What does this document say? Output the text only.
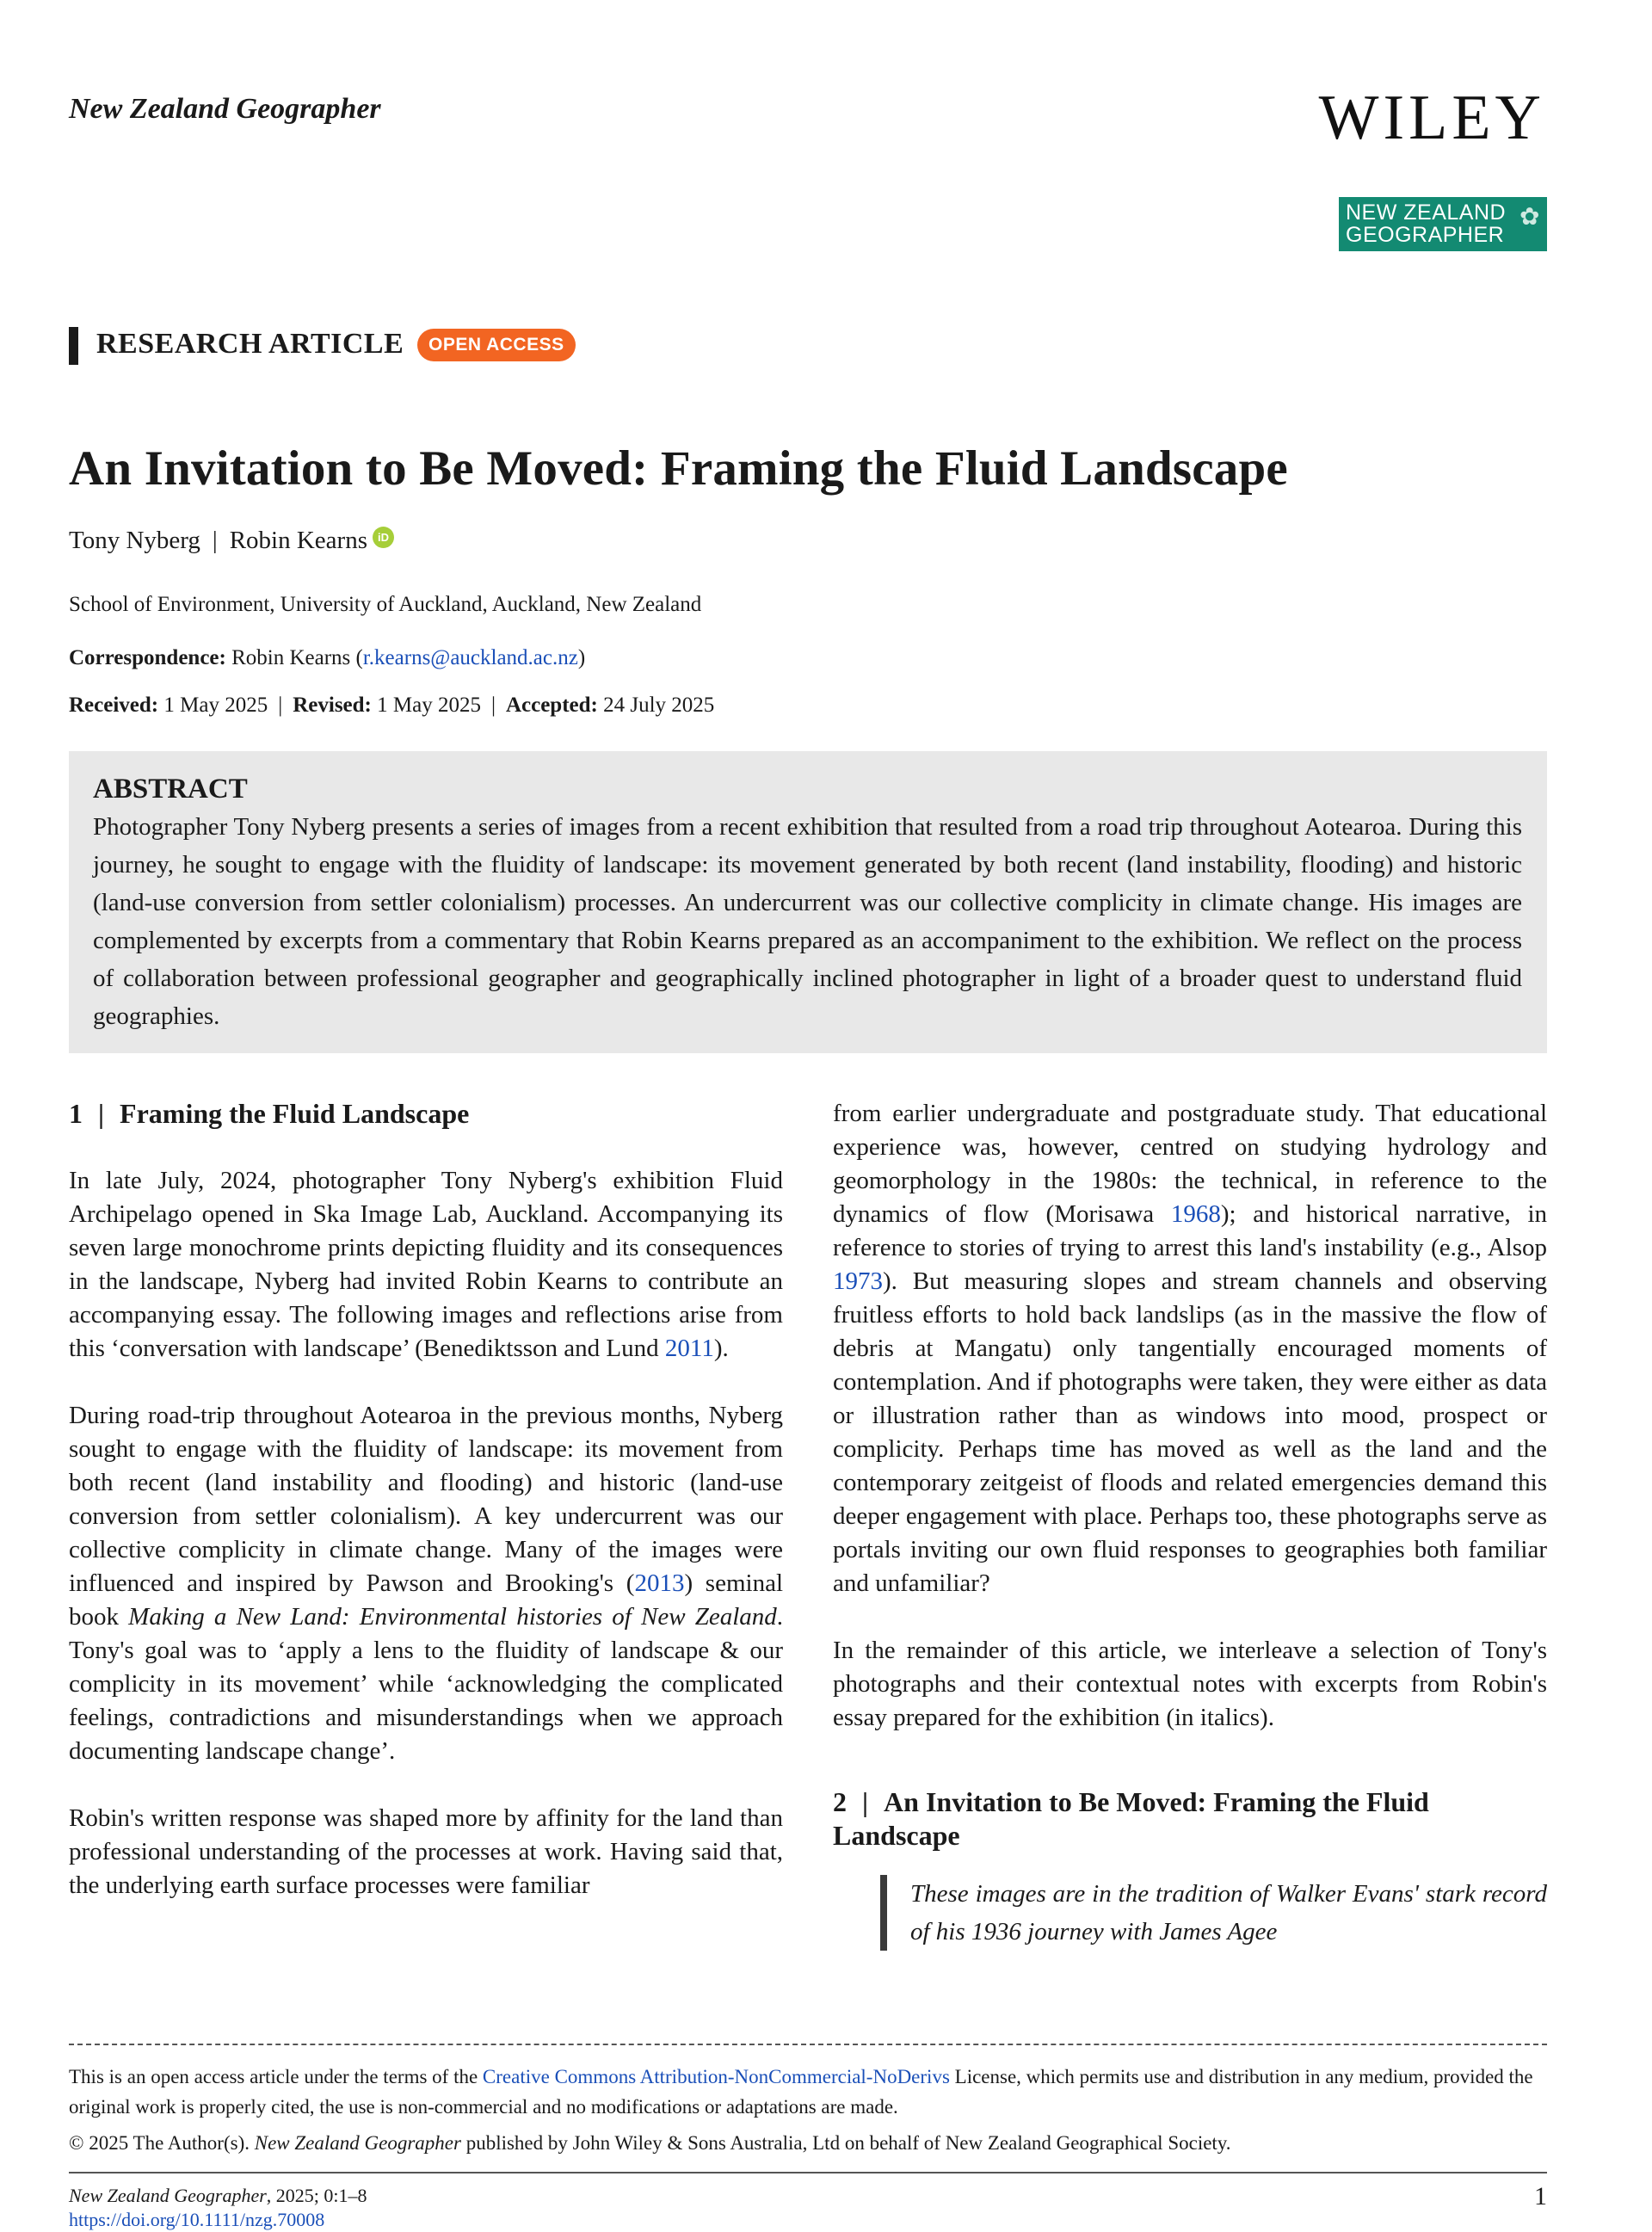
New Zealand Geographer	WILEY
NEW ZEALAND
GEOGRAPHER
✿
RESEARCH ARTICLE	OPEN ACCESS
An Invitation to Be Moved: Framing the Fluid Landscape
Tony Nyberg | Robin Kearns iD
School of Environment, University of Auckland, Auckland, New Zealand
Correspondence: Robin Kearns (r.kearns@auckland.ac.nz)
Received: 1 May 2025 | Revised: 1 May 2025 | Accepted: 24 July 2025
ABSTRACT
Photographer Tony Nyberg presents a series of images from a recent exhibition that resulted from a road trip throughout Aotearoa. During this journey, he sought to engage with the fluidity of landscape: its movement generated by both recent (land instability, flooding) and historic (land-use conversion from settler colonialism) processes. An undercurrent was our collective complicity in climate change. His images are complemented by excerpts from a commentary that Robin Kearns prepared as an accompaniment to the exhibition. We reflect on the process of collaboration between professional geographer and geographically inclined photographer in light of a broader quest to understand fluid geographies.
1 | Framing the Fluid Landscape

In late July, 2024, photographer Tony Nyberg's exhibition Fluid Archipelago opened in Ska Image Lab, Auckland. Accompanying its seven large monochrome prints depicting fluidity and its consequences in the landscape, Nyberg had invited Robin Kearns to contribute an accompanying essay. The following images and reflections arise from this ‘conversation with landscape’ (Benediktsson and Lund 2011).

During road-trip throughout Aotearoa in the previous months, Nyberg sought to engage with the fluidity of landscape: its movement from both recent (land instability and flooding) and historic (land-use conversion from settler colonialism). A key undercurrent was our collective complicity in climate change. Many of the images were influenced and inspired by Pawson and Brooking's (2013) seminal book Making a New Land: Environmental histories of New Zealand. Tony's goal was to ‘apply a lens to the fluidity of landscape & our complicity in its movement’ while ‘acknowledging the complicated feelings, contradictions and misunderstandings when we approach documenting landscape change’.

Robin's written response was shaped more by affinity for the land than professional understanding of the processes at work. Having said that, the underlying earth surface processes were familiar

from earlier undergraduate and postgraduate study. That educational experience was, however, centred on studying hydrology and geomorphology in the 1980s: the technical, in reference to the dynamics of flow (Morisawa 1968); and historical narrative, in reference to stories of trying to arrest this land's instability (e.g., Alsop 1973). But measuring slopes and stream channels and observing fruitless efforts to hold back landslips (as in the massive the flow of debris at Mangatu) only tangentially encouraged moments of contemplation. And if photographs were taken, they were either as data or illustration rather than as windows into mood, prospect or complicity. Perhaps time has moved as well as the land and the contemporary zeitgeist of floods and related emergencies demand this deeper engagement with place. Perhaps too, these photographs serve as portals inviting our own fluid responses to geographies both familiar and unfamiliar?

In the remainder of this article, we interleave a selection of Tony's photographs and their contextual notes with excerpts from Robin's essay prepared for the exhibition (in italics).

2 | An Invitation to Be Moved: Framing the Fluid Landscape
These images are in the tradition of Walker Evans' stark record of his 1936 journey with James Agee
This is an open access article under the terms of the Creative Commons Attribution-NonCommercial-NoDerivs License, which permits use and distribution in any medium, provided the original work is properly cited, the use is non-commercial and no modifications or adaptations are made.
© 2025 The Author(s). New Zealand Geographer published by John Wiley & Sons Australia, Ltd on behalf of New Zealand Geographical Society.
New Zealand Geographer, 2025; 0:1–8	1
https://doi.org/10.1111/nzg.70008
